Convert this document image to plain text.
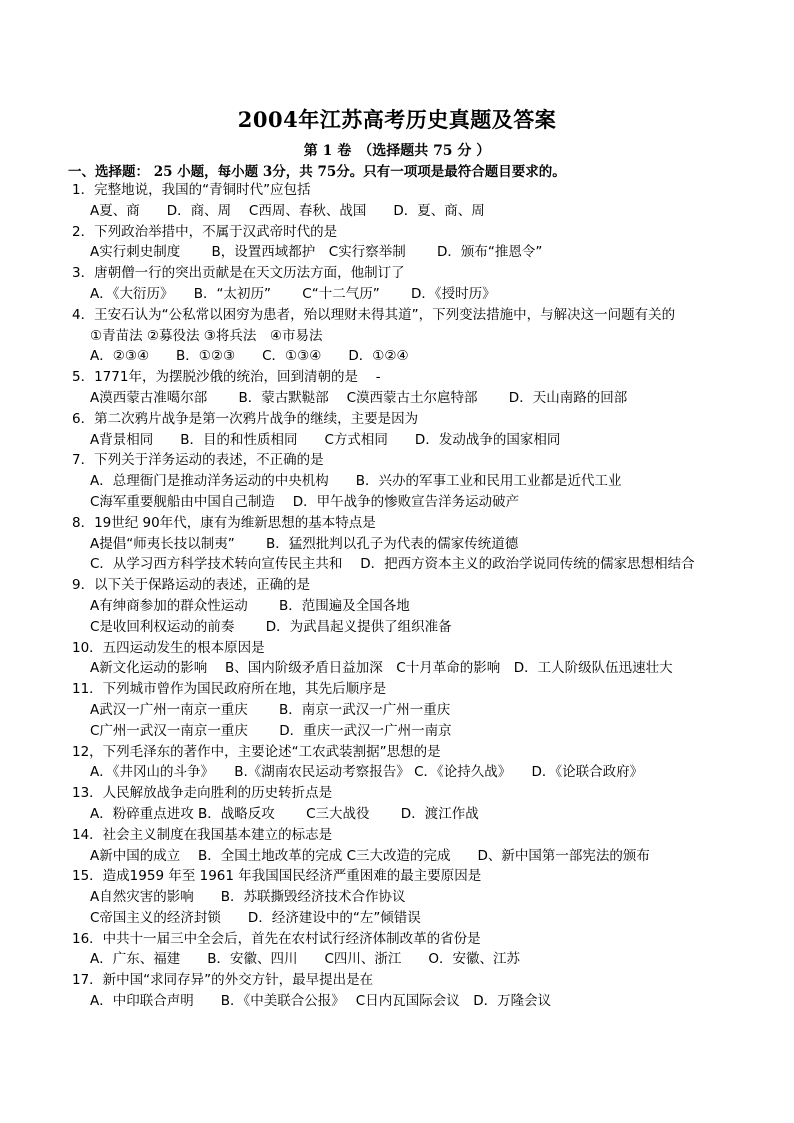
2004年江苏高考历史真题及答案
第 1 卷　（选择题共 75 分 ）
一、选择题： 25 小题，每小题 3分，共 75分。只有一项项是最符合题目要求的。
1．完整地说，我国的“青铜时代”应包括
A夏、商　　D．商、周　 C西周、春秋、战国　　D．夏、商、周
2．下列政治举措中，不属于汉武帝时代的是
A实行刺史制度　　 B，设置西域都护　C实行察举制　　 D．颁布“推恩令”
3．唐朝僧一行的突出贡献是在天文历法方面，他制订了
A．《大衍历》　　B．“太初历”　　 C“十二气历”　　 D．《授时历》
4．王安石认为“公私常以困穷为患者，殆以理财未得其道”，下列变法措施中，与解决这一问题有关的
①青苗法 ②募役法 ③将兵法　④市易法
A．②③④　　B．①②③　　C．①③④　　D．①②④
5．1771年，为摆脱沙俄的统治，回到清朝的是　 -
A漠西蒙古准噶尔部　　 B．蒙古默鞑部　 C漠西蒙古土尔扈特部　　 D．天山南路的回部
6．第二次鸦片战争是第一次鸦片战争的继续，主要是因为
A背景相同　　B．目的和性质相同　　C方式相同　　D．发动战争的国家相同
7．下列关于洋务运动的表述，不正确的是
A．总理衙门是推动洋务运动的中央机构　　B．兴办的军事工业和民用工业都是近代工业
C海军重要舰船由中国自己制造　 D．甲午战争的惨败宣告洋务运动破产
8．19世纪 90年代，康有为维新思想的基本特点是
A提倡“师夷长技以制夷”　　 B．猛烈批判以孔子为代表的儒家传统道德
C．从学习西方科学技术转向宣传民主共和　 D．把西方资本主义的政治学说同传统的儒家思想相结合
9．以下关于保路运动的表述，正确的是
A有绅商参加的群众性运动　　 B．范围遍及全国各地
C是收回利权运动的前奏　　 D．为武昌起义提供了组织准备
10．五四运动发生的根本原因是
A新文化运动的影响　 B、国内阶级矛盾日益加深　C十月革命的影响　D．工人阶级队伍迅速壮大
11．下列城市曾作为国民政府所在地，其先后顺序是
A武汉一广州一南京一重庆　　 B．南京一武汉一广州一重庆
C广州一武汉一南京一重庆　　 D．重庆一武汉一广州一南京
12，下列毛泽东的著作中，主要论述“工农武装割据”思想的是
A．《井冈山的斗争》　　B.《湖南农民运动考察报告》 C．《论持久战》　　D．《论联合政府》
13．人民解放战争走向胜利的历史转折点是
A．粉碎重点进攻 B．战略反攻　　 C三大战役　　 D．渡江作战
14．社会主义制度在我国基本建立的标志是
A新中国的成立　 B．全国土地改革的完成 C三大改造的完成　　D、新中国第一部宪法的颁布
15．造成1959 年至 1961 年我国国民经济严重困难的最主要原因是
A自然灾害的影响　　B．苏联撕毁经济技术合作协议
C帝国主义的经济封锁　　D．经济建设中的“左”倾错误
16．中共十一届三中全会后，首先在农村试行经济体制改革的省份是
A．广东、福建　　B．安徽、四川　　C四川、浙江　　O．安徽、江苏
17．新中国“求同存异”的外交方针，最早提出是在
A．中印联合声明　　B．《中美联合公报》　 C日内瓦国际会议　D．万隆会议
